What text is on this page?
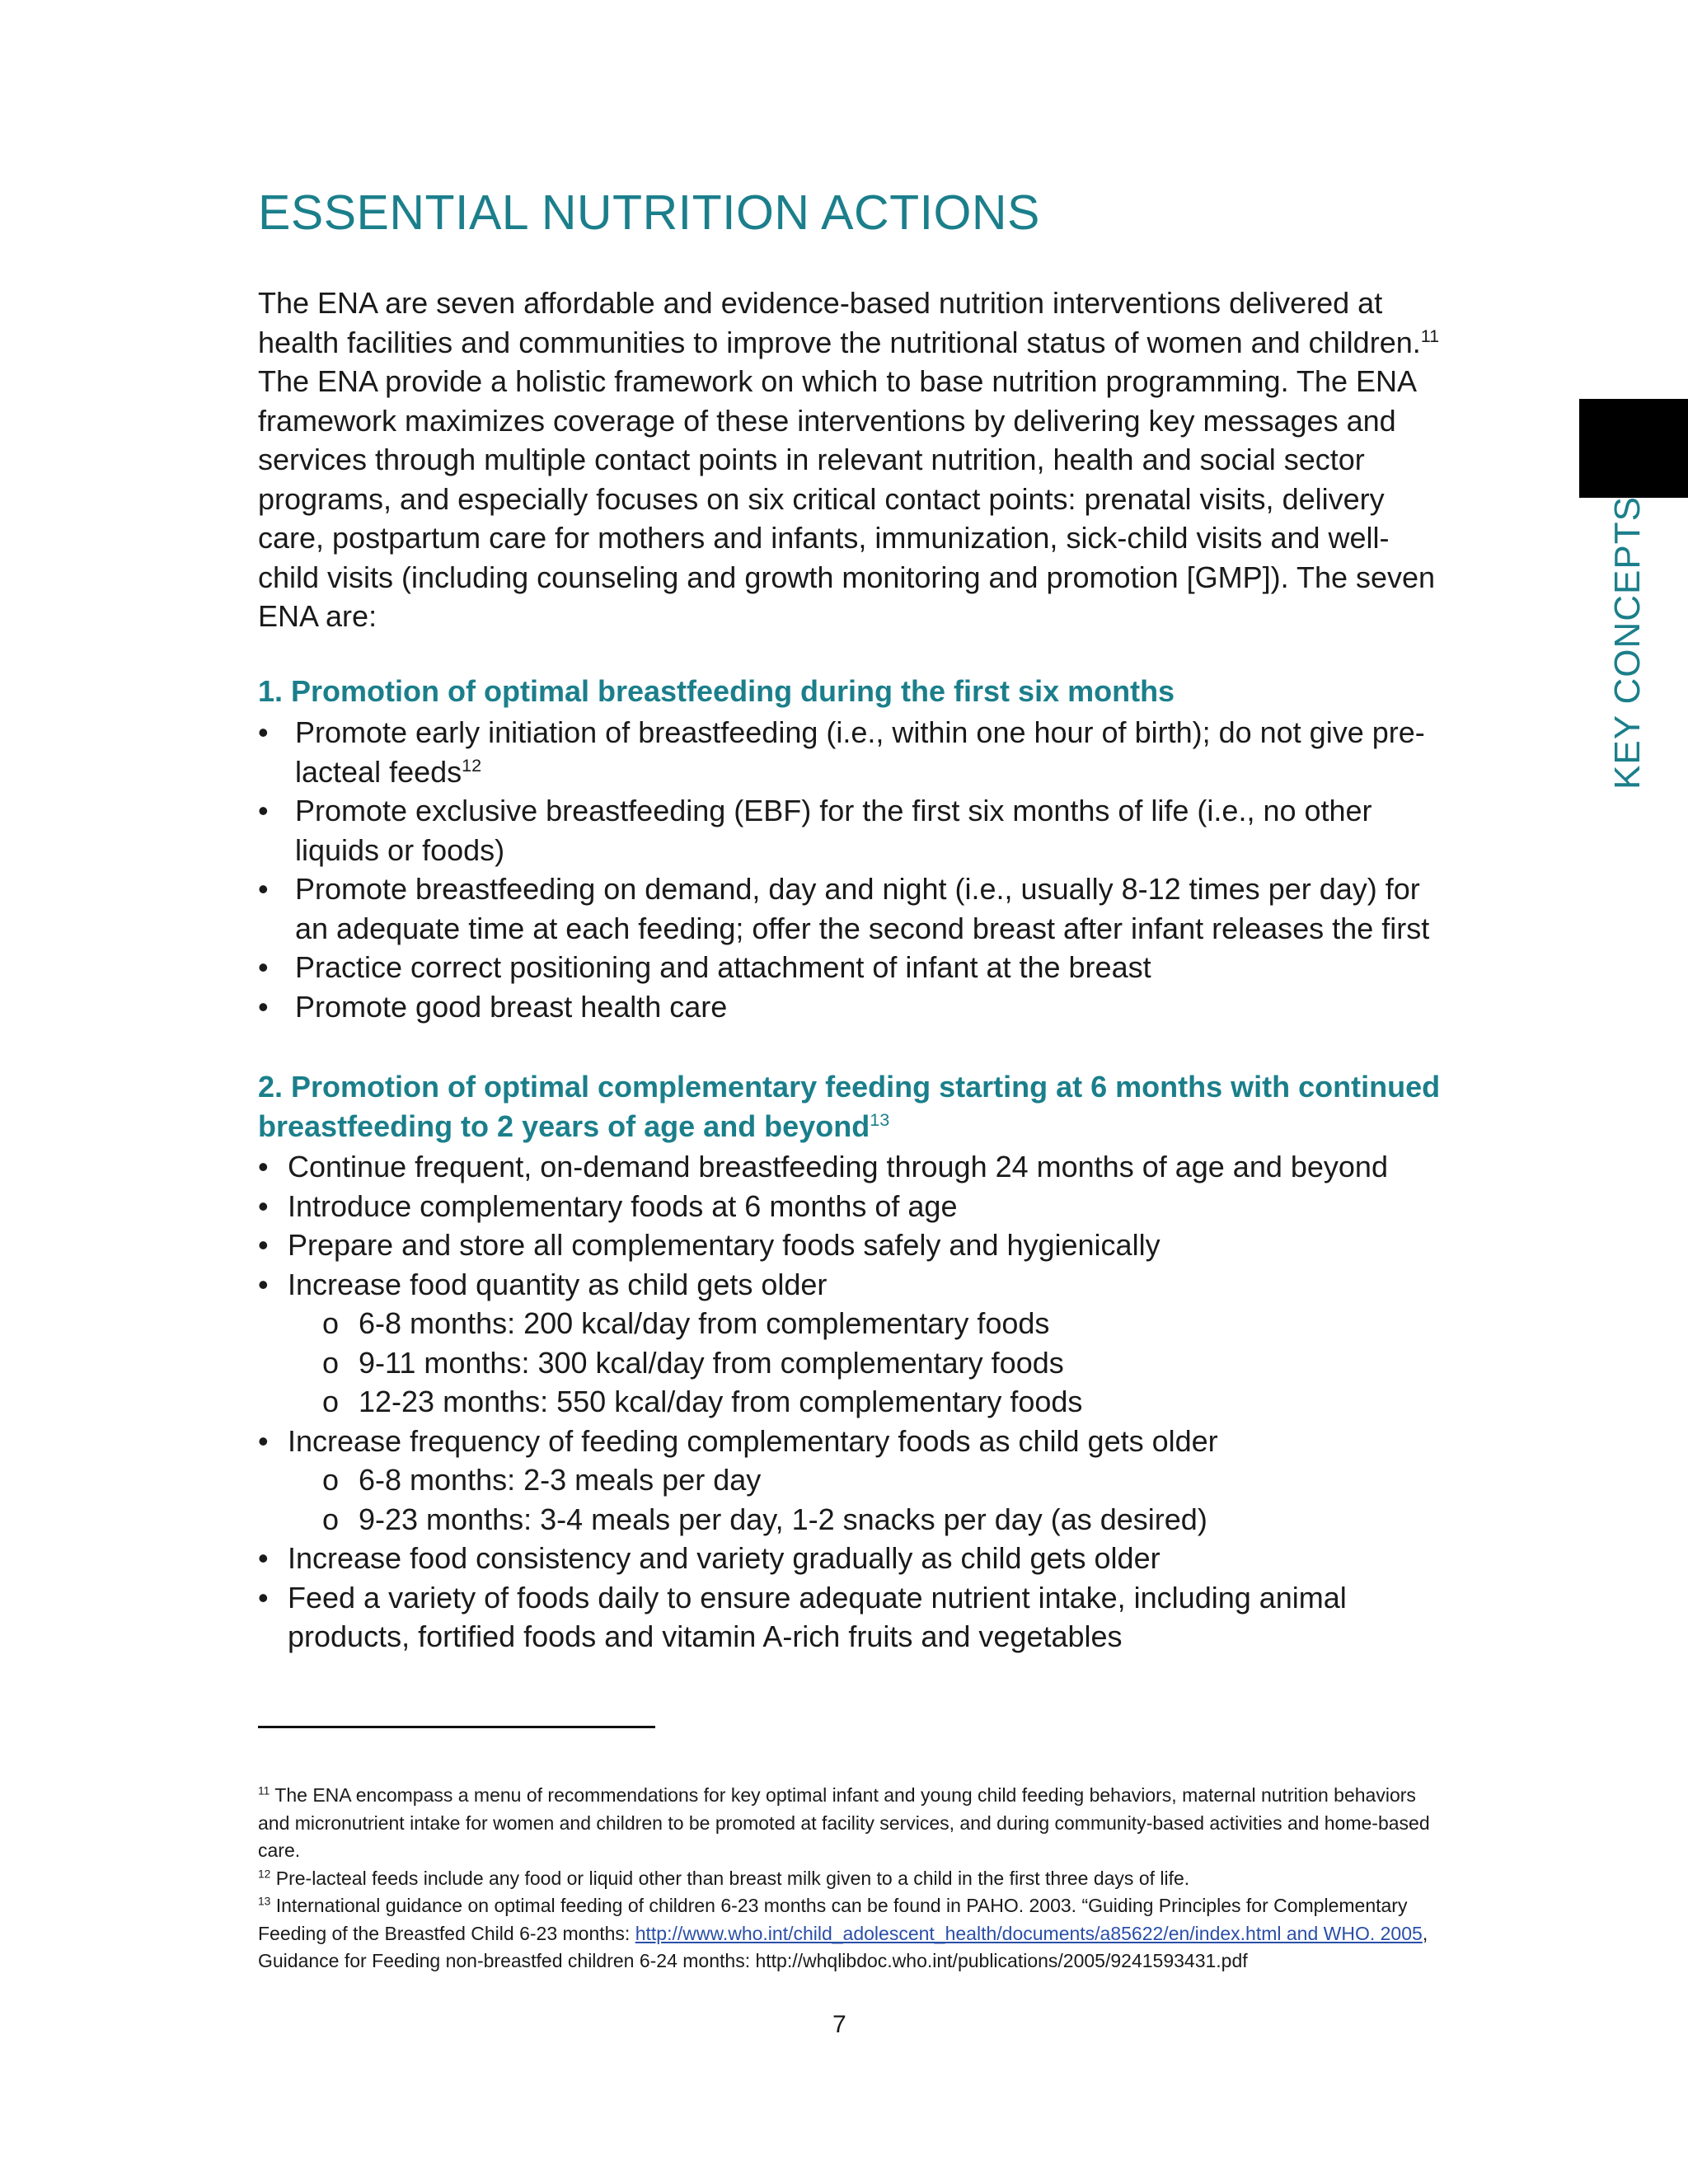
ESSENTIAL NUTRITION ACTIONS

The ENA are seven affordable and evidence-based nutrition interventions delivered at health facilities and communities to improve the nutritional status of women and children.$^{11}$ The ENA provide a holistic framework on which to base nutrition programming. The ENA framework maximizes coverage of these interventions by delivering key messages and services through multiple contact points in relevant nutrition, health and social sector programs, and especially focuses on six critical contact points: prenatal visits, delivery care, postpartum care for mothers and infants, immunization, sick-child visits and well-child visits (including counseling and growth monitoring and promotion [GMP]). The seven ENA are:

1. Promotion of optimal breastfeeding during the first six months
• Promote early initiation of breastfeeding (i.e., within one hour of birth); do not give pre-lacteal feeds$^{12}$
• Promote exclusive breastfeeding (EBF) for the first six months of life (i.e., no other liquids or foods)
• Promote breastfeeding on demand, day and night (i.e., usually 8-12 times per day) for an adequate time at each feeding; offer the second breast after infant releases the first
• Practice correct positioning and attachment of infant at the breast
• Promote good breast health care
2. Promotion of optimal complementary feeding starting at 6 months with continued breastfeeding to 2 years of age and beyond$^{13}$
• Continue frequent, on-demand breastfeeding through 24 months of age and beyond
• Introduce complementary foods at 6 months of age
• Prepare and store all complementary foods safely and hygienically
• Increase food quantity as child gets older
o 6-8 months: 200 kcal/day from complementary foods
o 9-11 months: 300 kcal/day from complementary foods
o 12-23 months: 550 kcal/day from complementary foods
• Increase frequency of feeding complementary foods as child gets older
o 6-8 months: 2-3 meals per day
o 9-23 months: 3-4 meals per day, 1-2 snacks per day (as desired)
• Increase food consistency and variety gradually as child gets older
• Feed a variety of foods daily to ensure adequate nutrient intake, including animal products, fortified foods and vitamin A-rich fruits and vegetables

$^{11}$ The ENA encompass a menu of recommendations for key optimal infant and young child feeding behaviors, maternal nutrition behaviors and micronutrient intake for women and children to be promoted at facility services, and during community-based activities and home-based care.

$^{12}$ Pre-lacteal feeds include any food or liquid other than breast milk given to a child in the first three days of life.

$^{13}$ International guidance on optimal feeding of children 6-23 months can be found in PAHO. 2003. “Guiding Principles for Complementary Feeding of the Breastfed Child 6-23 months: http://www.who.int/child_adolescent_health/documents/a85622/en/index.html and WHO. 2005, Guidance for Feeding non-breastfed children 6-24 months: http://whqlibdoc.who.int/publications/2005/9241593431.pdf

7
KEY CONCEPTS
